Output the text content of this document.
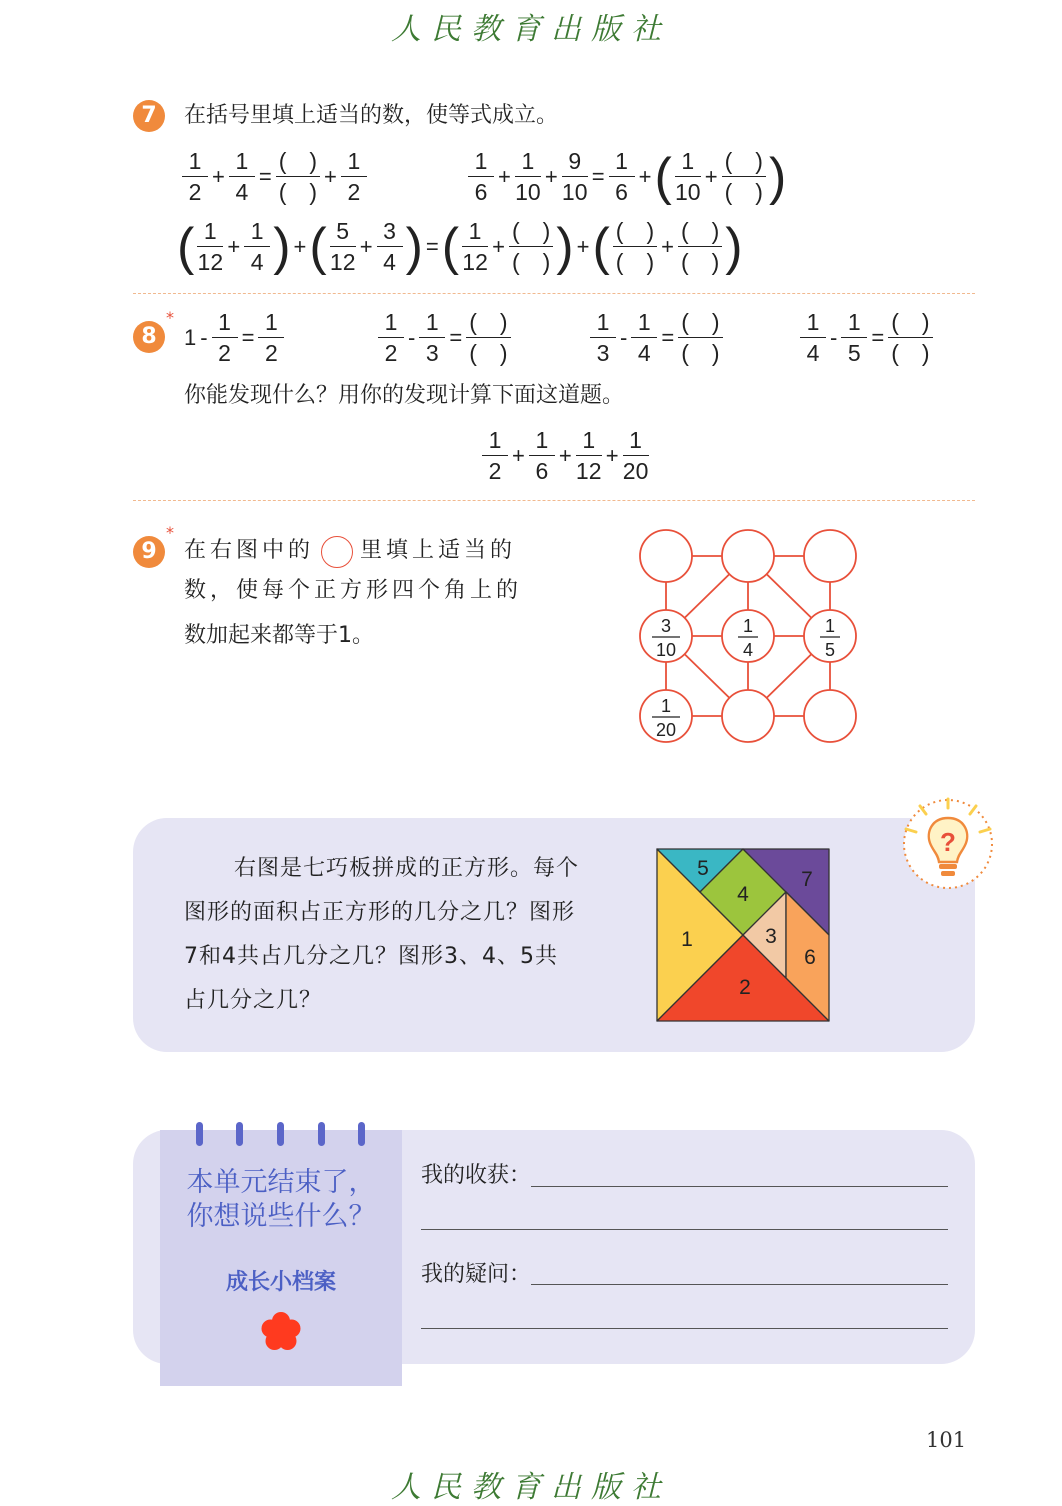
人民教育出版社
7	在括号里填上适当的数，使等式成立。
$\frac{1}{2} + \frac{1}{4} = \frac{( )}{( )} + \frac{1}{2}$	$\frac{1}{6} + \frac{1}{10} + \frac{9}{10} = \frac{1}{6}$ +( $\frac{1}{10} + \frac{( )}{( )}$ )
( $\frac{1}{12} + \frac{1}{4}$ ) +( $\frac{5}{12} + \frac{3}{4}$ ) =( $\frac{1}{12} + \frac{( )}{( )}$ ) +( $\frac{( )}{( )} + \frac{( )}{( )}$ )
8
*
$1 - \frac{1}{2} = \frac{1}{2}$	$\frac{1}{2} - \frac{1}{3} = \frac{( )}{( )}$	$\frac{1}{3} - \frac{1}{4} = \frac{( )}{( )}$	$\frac{1}{4} - \frac{1}{5} = \frac{( )}{( )}$
你能发现什么？用你的发现计算下面这道题。
$\frac{1}{2} + \frac{1}{6} + \frac{1}{12} + \frac{1}{20}$
9
*
在右图中的 里填上适当的
数，使每个正方形四个角上的
数加起来都等于1。	3
10
1
4
1
5
1
20
右图是七巧板拼成的正方形。每个
图形的面积占正方形的几分之几？图形
7和4共占几分之几？图形3、4、5共
占几分之几？
1
2
3
4
5
6
7
?
本单元结束了，
你想说些什么？
成长小档案
我的收获：
我的疑问：
101
人民教育出版社
